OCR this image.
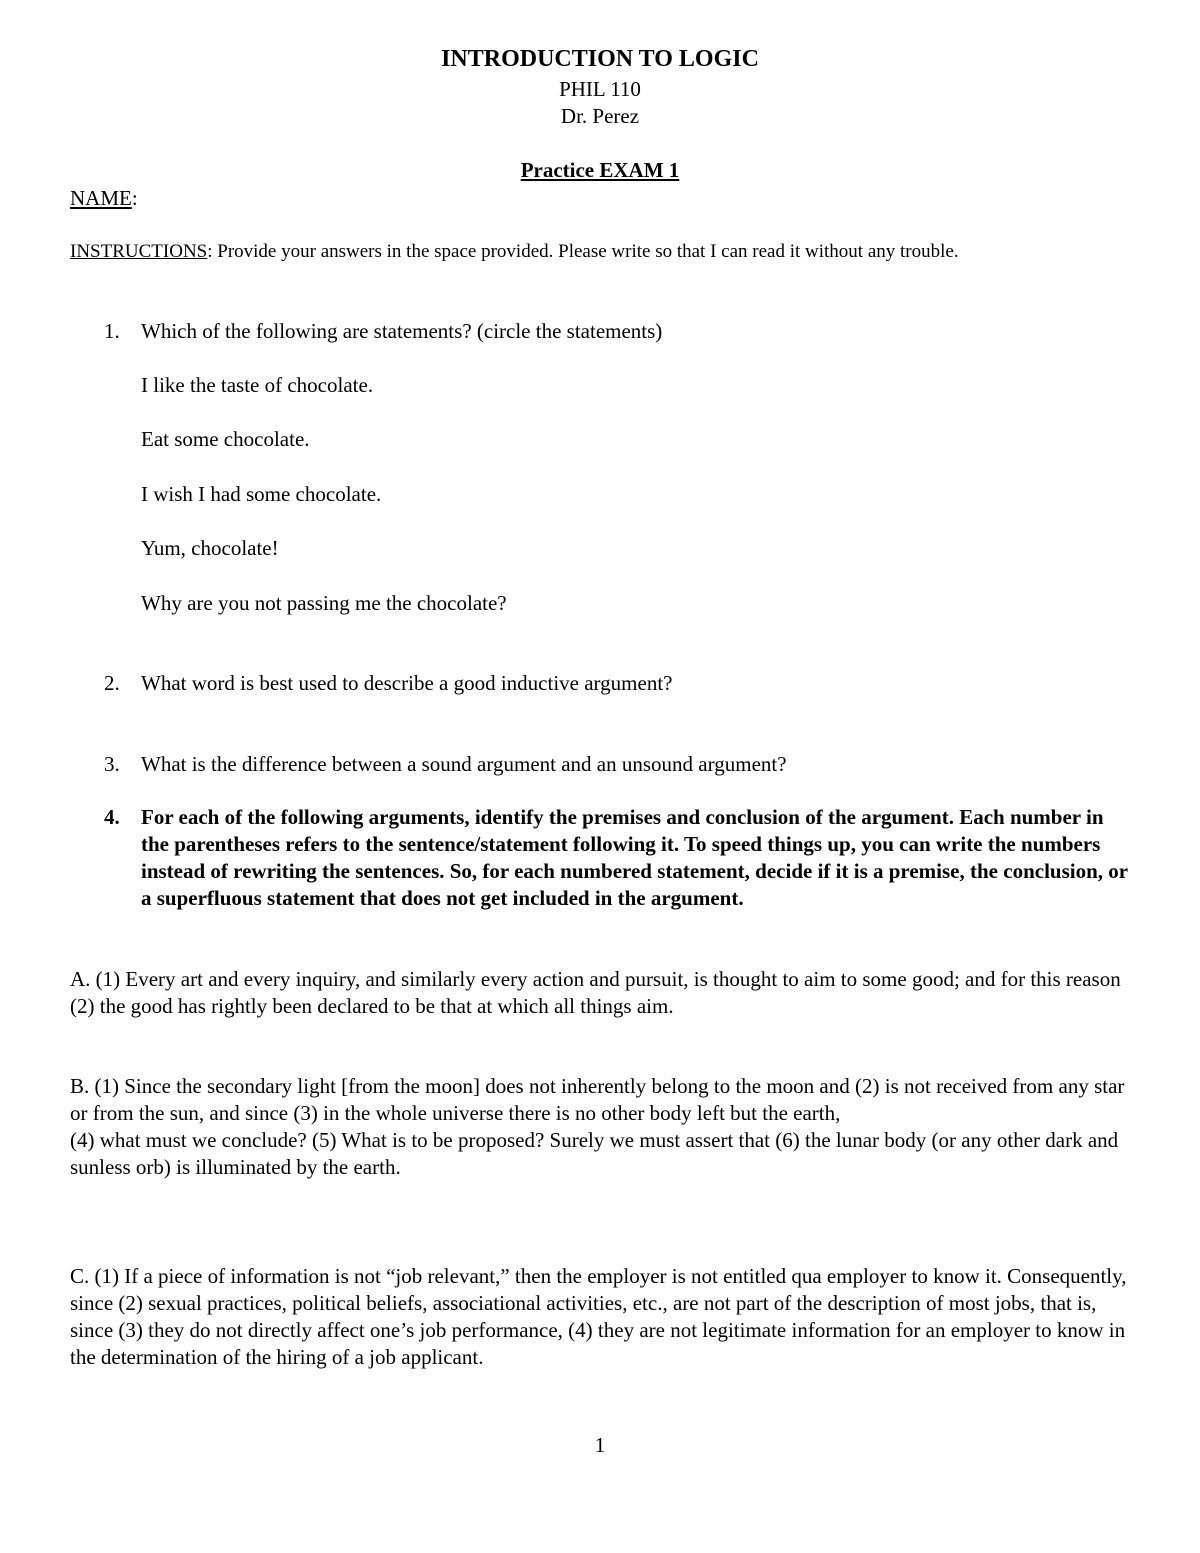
INTRODUCTION TO LOGIC
PHIL 110
Dr. Perez
Practice EXAM 1
NAME:
INSTRUCTIONS: Provide your answers in the space provided. Please write so that I can read it without any trouble.
1. Which of the following are statements? (circle the statements)
I like the taste of chocolate.
Eat some chocolate.
I wish I had some chocolate.
Yum, chocolate!
Why are you not passing me the chocolate?
2. What word is best used to describe a good inductive argument?
3. What is the difference between a sound argument and an unsound argument?
4. For each of the following arguments, identify the premises and conclusion of the argument. Each number in the parentheses refers to the sentence/statement following it. To speed things up, you can write the numbers instead of rewriting the sentences. So, for each numbered statement, decide if it is a premise, the conclusion, or a superfluous statement that does not get included in the argument.
A. (1) Every art and every inquiry, and similarly every action and pursuit, is thought to aim to some good; and for this reason (2) the good has rightly been declared to be that at which all things aim.
B. (1) Since the secondary light [from the moon] does not inherently belong to the moon and (2) is not received from any star or from the sun, and since (3) in the whole universe there is no other body left but the earth,
(4) what must we conclude? (5) What is to be proposed? Surely we must assert that (6) the lunar body (or any other dark and sunless orb) is illuminated by the earth.
C. (1) If a piece of information is not “job relevant,” then the employer is not entitled qua employer to know it. Consequently, since (2) sexual practices, political beliefs, associational activities, etc., are not part of the description of most jobs, that is, since (3) they do not directly affect one’s job performance, (4) they are not legitimate information for an employer to know in the determination of the hiring of a job applicant.
1
